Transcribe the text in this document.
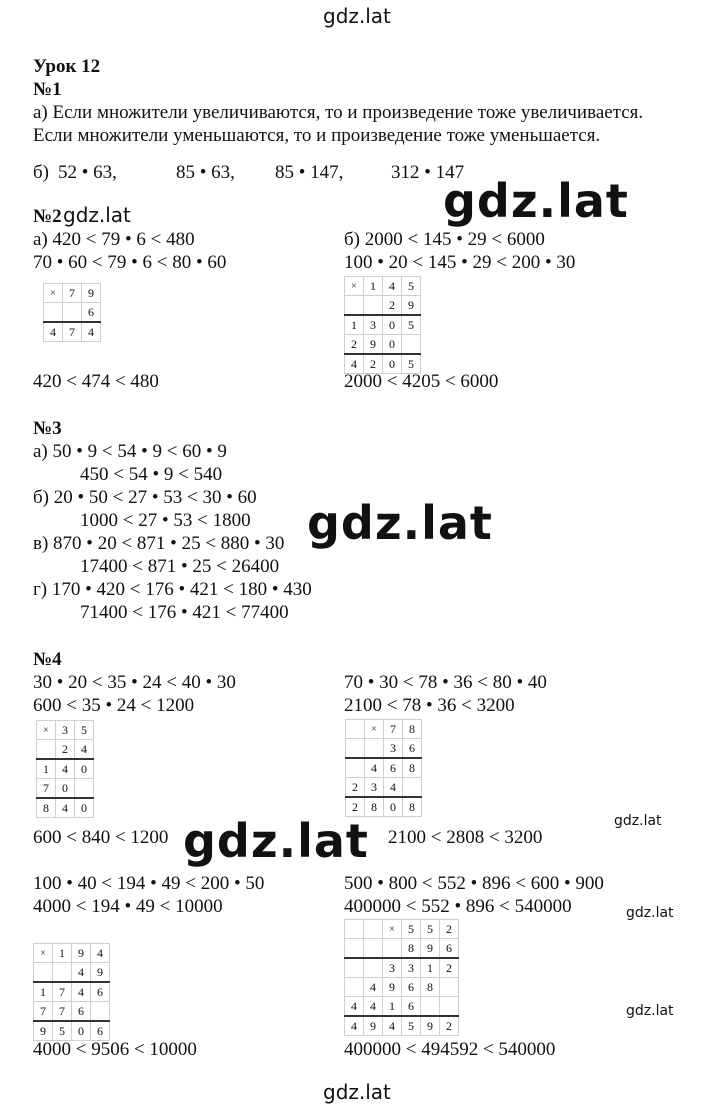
gdz.lat
gdz.lat
gdz.lat
gdz.lat
gdz.lat	gdz.lat
gdz.lat
gdz.lat
gdz.lat
Урок 12
№1
а) Если множители увеличиваются, то и произведение тоже увеличивается.
Если множители уменьшаются, то и произведение тоже уменьшается.
б) 52 • 63,	85 • 63, 85 • 147,	312 • 147
№2
а) 420 < 79 • 6 < 480
70 • 60 < 79 • 6 < 80 • 60
×	7	9
		6
4	7	4
420 < 474 < 480
б) 2000 < 145 • 29 < 6000
100 • 20 < 145 • 29 < 200 • 30
×	1	4	5
		2	9
1	3	0	5
2	9	0	
4	2	0	5
2000 < 4205 < 6000
№3
а) 50 • 9 < 54 • 9 < 60 • 9
450 < 54 • 9 < 540
б) 20 • 50 < 27 • 53 < 30 • 60
1000 < 27 • 53 < 1800
в) 870 • 20 < 871 • 25 < 880 • 30
17400 < 871 • 25 < 26400
г) 170 • 420 < 176 • 421 < 180 • 430
71400 < 176 • 421 < 77400
№4
30 • 20 < 35 • 24 < 40 • 30
600 < 35 • 24 < 1200
×	3	5
	2	4
1	4	0
7	0	
8	4	0
600 < 840 < 1200
70 • 30 < 78 • 36 < 80 • 40
2100 < 78 • 36 < 3200
	×	7	8
		3	6
	4	6	8
2	3	4	
2	8	0	8
2100 < 2808 < 3200
100 • 40 < 194 • 49 < 200 • 50
4000 < 194 • 49 < 10000
×	1	9	4
		4	9
1	7	4	6
7	7	6	
9	5	0	6
4000 < 9506 < 10000
500 • 800 < 552 • 896 < 600 • 900
400000 < 552 • 896 < 540000
		×	5	5	2
			8	9	6
		3	3	1	2
	4	9	6	8	
4	4	1	6		
4	9	4	5	9	2
400000 < 494592 < 540000
